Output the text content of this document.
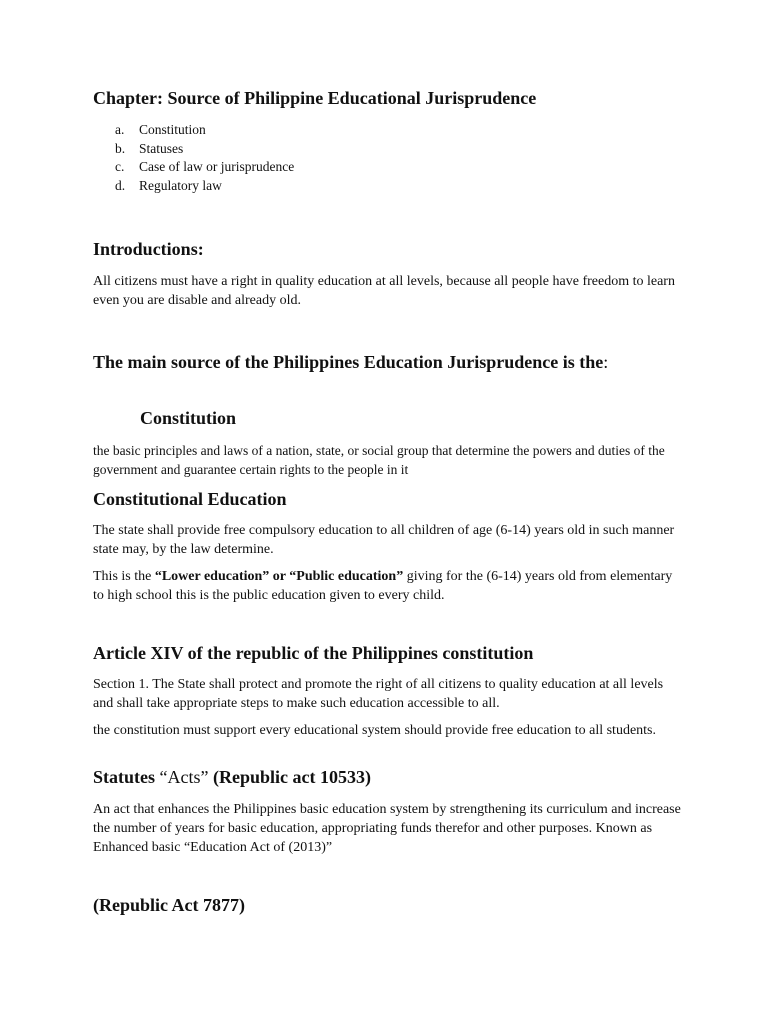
Chapter: Source of Philippine Educational Jurisprudence
a.	Constitution
b.	Statuses
c.	Case of law or jurisprudence
d.	Regulatory law
Introductions:

All citizens must have a right in quality education at all levels, because all people have freedom to learn even you are disable and already old.

The main source of the Philippines Education Jurisprudence is the:
Constitution

the basic principles and laws of a nation, state, or social group that determine the powers and duties of the government and guarantee certain rights to the people in it

Constitutional Education

The state shall provide free compulsory education to all children of age (6-14) years old in such manner state may, by the law determine.

This is the “Lower education” or “Public education” giving for the (6-14) years old from elementary to high school this is the public education given to every child.

Article XIV of the republic of the Philippines constitution

Section 1. The State shall protect and promote the right of all citizens to quality education at all levels and shall take appropriate steps to make such education accessible to all.

the constitution must support every educational system should provide free education to all students.

Statutes “Acts” (Republic act 10533)

An act that enhances the Philippines basic education system by strengthening its curriculum and increase the number of years for basic education, appropriating funds therefor and other purposes. Known as Enhanced basic “Education Act of (2013)”

(Republic Act 7877)
